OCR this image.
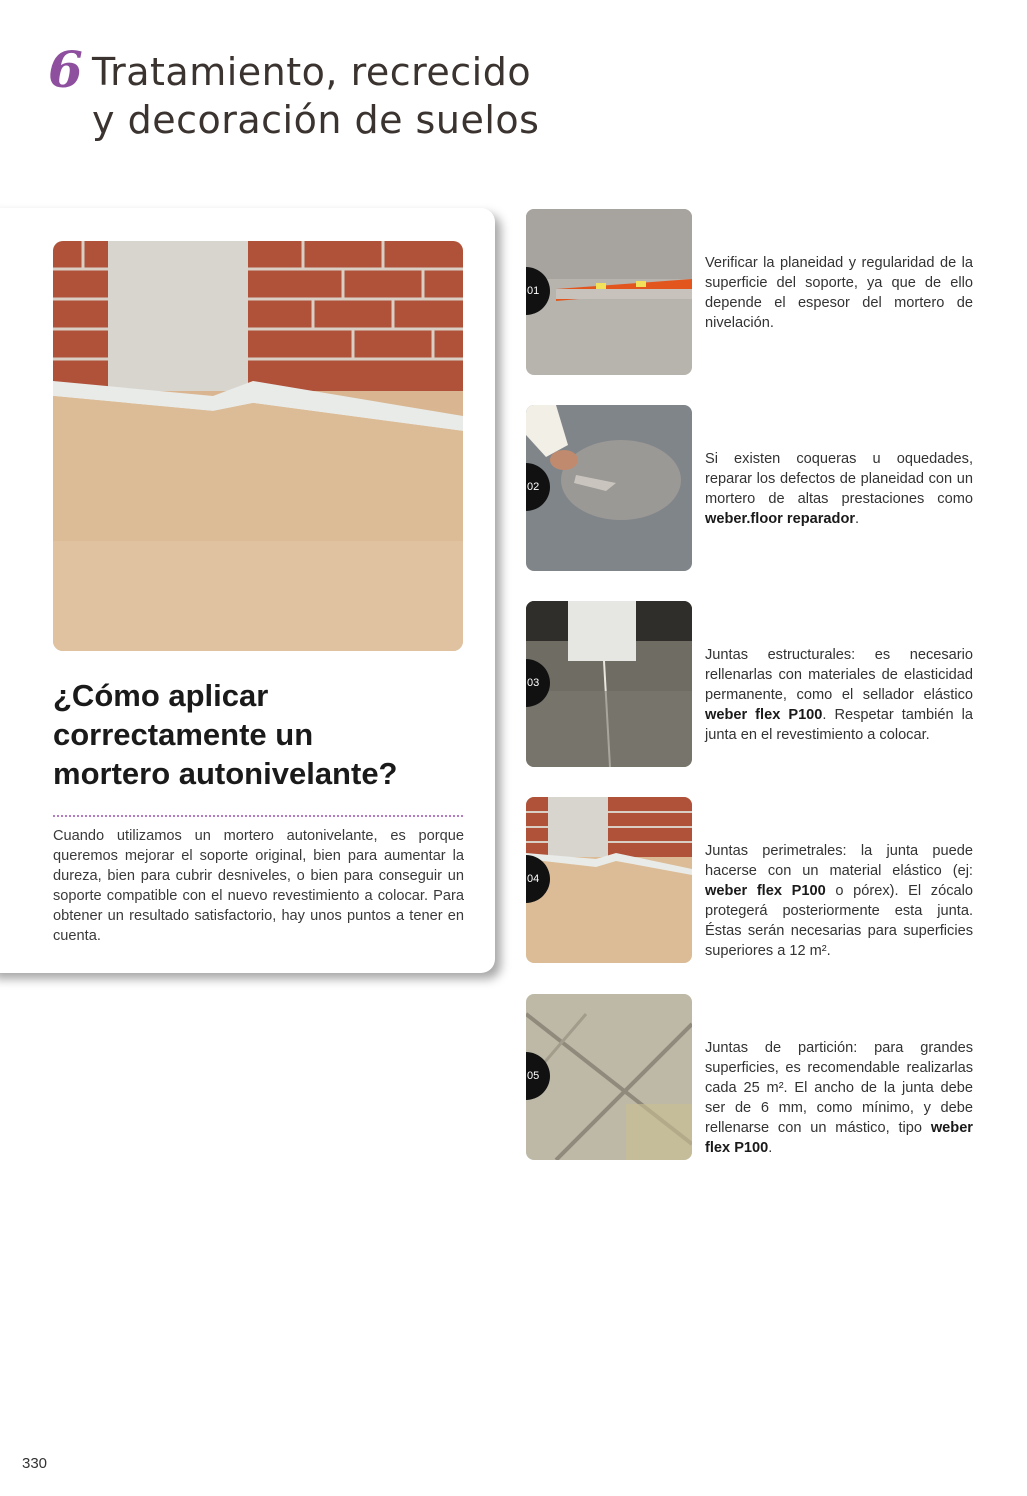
6 Tratamiento, recrecido
y decoración de suelos
¿Cómo aplicar
correctamente un
mortero autonivelante?

Cuando utilizamos un mortero autonivelante, es porque queremos mejorar el soporte original, bien para aumentar la dureza, bien para cubrir desniveles, o bien para conseguir un soporte compatible con el nuevo revestimiento a colocar. Para obtener un resultado satisfactorio, hay unos puntos a tener en cuenta.

01

Verificar la planeidad y regularidad de la superficie del soporte, ya que de ello depende el espesor del mortero de nivelación.

02

Si existen coqueras u oquedades, reparar los defectos de planeidad con un mortero de altas prestaciones como weber.floor reparador.

03

Juntas estructurales: es necesario rellenarlas con materiales de elasticidad permanente, como el sellador elástico weber flex P100. Respetar también la junta en el revestimiento a colocar.

04

Juntas perimetrales: la junta puede hacerse con un material elástico (ej: weber flex P100 o pórex). El zócalo protegerá posteriormente esta junta. Éstas serán necesarias para superficies superiores a 12 m².

05

Juntas de partición: para grandes superficies, es recomendable realizarlas cada 25 m². El ancho de la junta debe ser de 6 mm, como mínimo, y debe rellenarse con un mástico, tipo weber flex P100.

330
